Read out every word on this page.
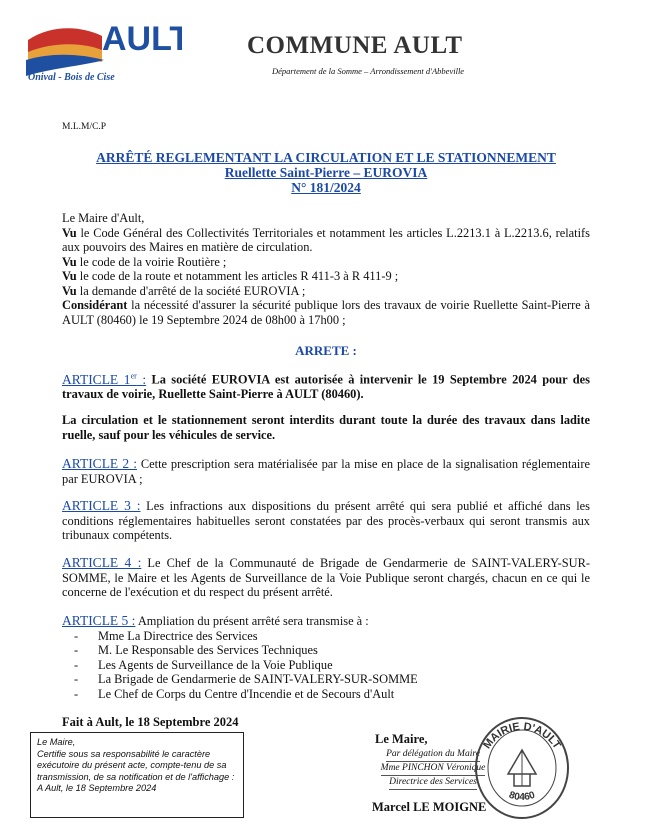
AULT
Onival - Bois de Cise
COMMUNE AULT
Département de la Somme – Arrondissement d'Abbeville
M.L.M/C.P
ARRÊTÉ REGLEMENTANT LA CIRCULATION ET LE STATIONNEMENT
Ruellette Saint-Pierre – EUROVIA
N° 181/2024

Le Maire d'Ault,

Vu le Code Général des Collectivités Territoriales et notamment les articles L.2213.1 à L.2213.6, relatifs aux pouvoirs des Maires en matière de circulation.

Vu le code de la voirie Routière ;

Vu le code de la route et notamment les articles R 411-3 à R 411-9 ;

Vu la demande d'arrêté de la société EUROVIA ;

Considérant la nécessité d'assurer la sécurité publique lors des travaux de voirie Ruellette Saint-Pierre à AULT (80460) le 19 Septembre 2024 de 08h00 à 17h00 ;

ARRETE :

ARTICLE 1er : La société EUROVIA est autorisée à intervenir le 19 Septembre 2024 pour des travaux de voirie, Ruellette Saint-Pierre à AULT (80460).

La circulation et le stationnement seront interdits durant toute la durée des travaux dans ladite ruelle, sauf pour les véhicules de service.

ARTICLE 2 : Cette prescription sera matérialisée par la mise en place de la signalisation réglementaire par EUROVIA ;

ARTICLE 3 : Les infractions aux dispositions du présent arrêté qui sera publié et affiché dans les conditions réglementaires habituelles seront constatées par des procès-verbaux qui seront transmis aux tribunaux compétents.

ARTICLE 4 : Le Chef de la Communauté de Brigade de Gendarmerie de SAINT-VALERY-SUR-SOMME, le Maire et les Agents de Surveillance de la Voie Publique seront chargés, chacun en ce qui le concerne de l'exécution et du respect du présent arrêté.

ARTICLE 5 : Ampliation du présent arrêté sera transmise à :

- Mme La Directrice des Services
- M. Le Responsable des Services Techniques
- Les Agents de Surveillance de la Voie Publique
- La Brigade de Gendarmerie de SAINT-VALERY-SUR-SOMME
- Le Chef de Corps du Centre d'Incendie et de Secours d'Ault
Fait à Ault, le 18 Septembre 2024
Le Maire,
Certifie sous sa responsabilité le caractère exécutoire du présent acte, compte-tenu de sa transmission, de sa notification et de l'affichage :
A Ault, le 18 Septembre 2024
Le Maire,
Par délégation du Maire
Mme PINCHON Véronique
Directrice des Services
MAIRIE D'AULT
80460
Marcel LE MOIGNE
